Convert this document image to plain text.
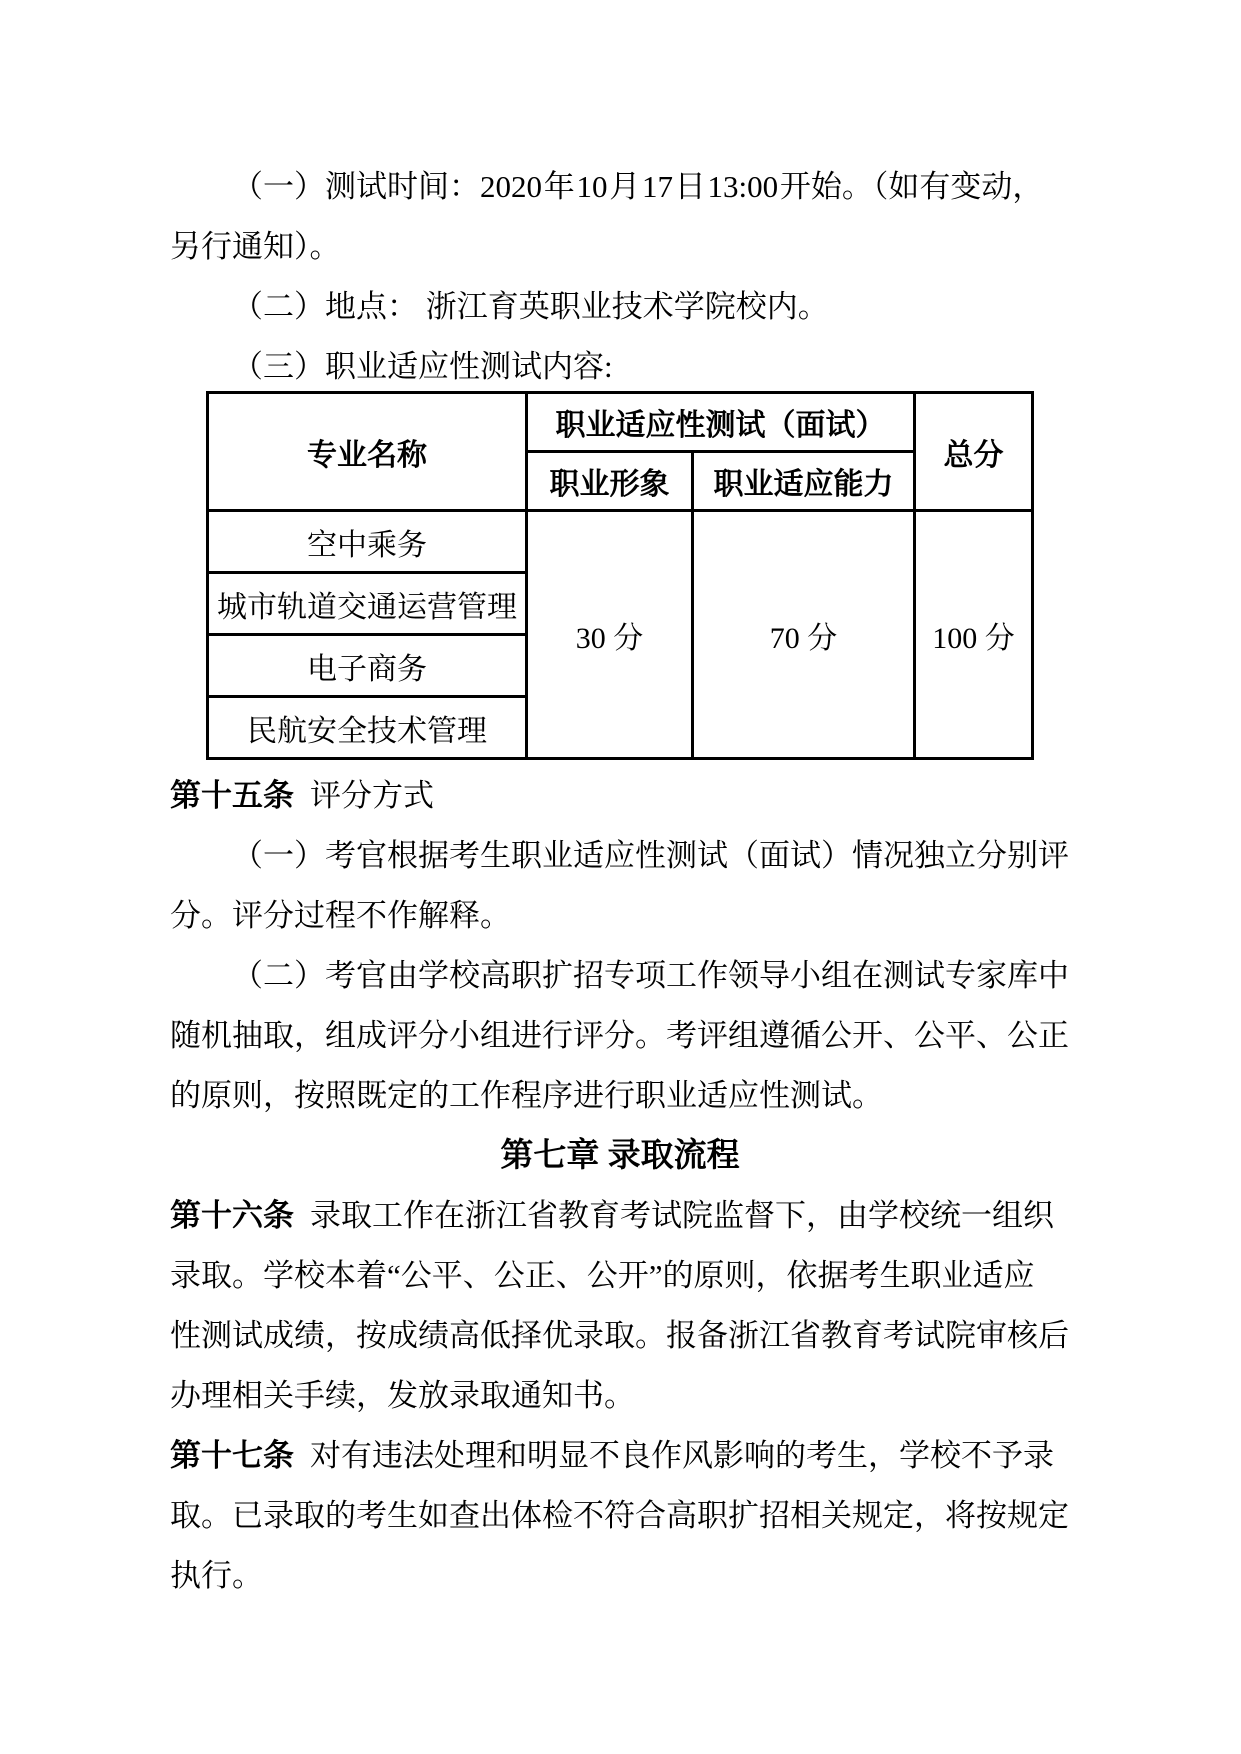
（一）测试时间：2020 年 10 月 17 日 13:00 开始。（如有变动，
另行通知）。
（二）地点： 浙江育英职业技术学院校内。
（三）职业适应性测试内容:
专业名称	职业适应性测试（面试）		总分
	职业形象	职业适应能力	
空中乘务	30 分	70 分	100 分
城市轨道交通运营管理			
电子商务			
民航安全技术管理			
第十五条 评分方式
（一）考官根据考生职业适应性测试（面试）情况独立分别评
分。评分过程不作解释。
（二）考官由学校高职扩招专项工作领导小组在测试专家库中
随机抽取，组成评分小组进行评分。考评组遵循公开、公平、公正
的原则，按照既定的工作程序进行职业适应性测试。
第七章 录取流程
第十六条 录取工作在浙江省教育考试院监督下，由学校统一组织
录取。学校本着“公平、公正、公开”的原则，依据考生职业适应
性测试成绩，按成绩高低择优录取。报备浙江省教育考试院审核后
办理相关手续，发放录取通知书。
第十七条 对有违法处理和明显不良作风影响的考生，学校不予录
取。已录取的考生如查出体检不符合高职扩招相关规定，将按规定
执行。
